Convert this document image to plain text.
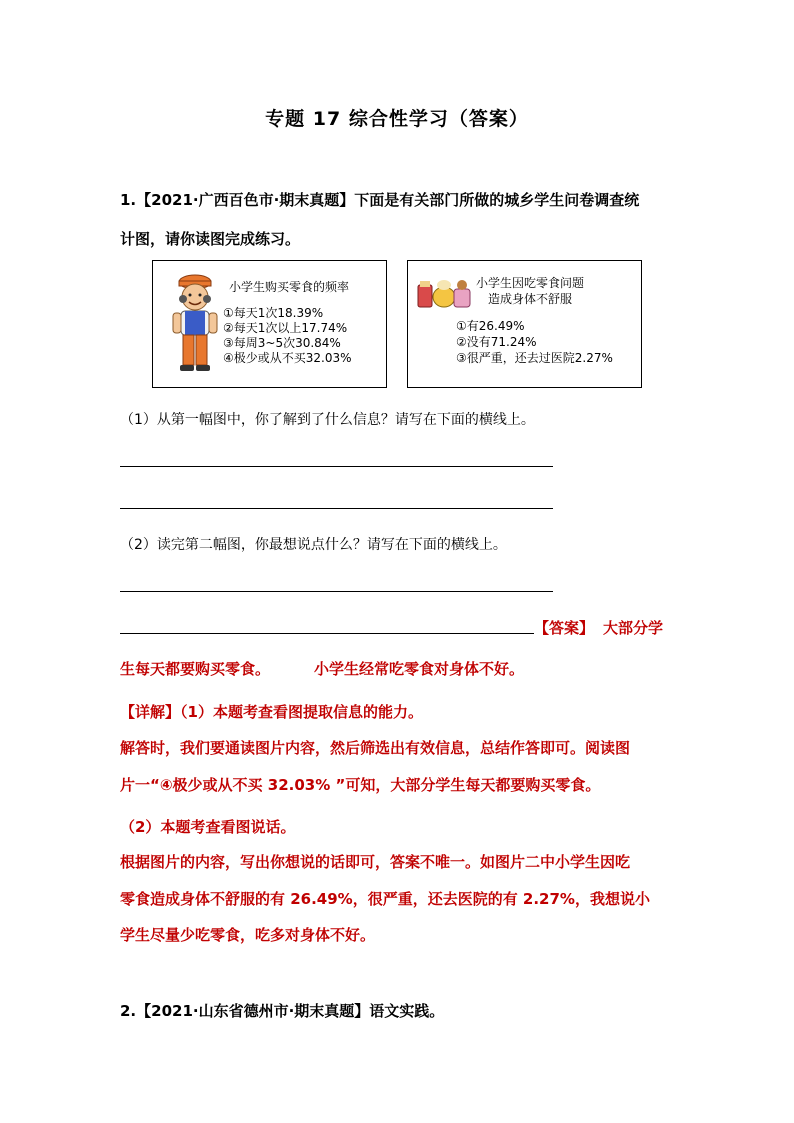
专题 17 综合性学习（答案）
1.【2021·广西百色市·期末真题】下面是有关部门所做的城乡学生问卷调查统
计图，请你读图完成练习。
小学生购买零食的频率
①每天1次18.39%
②每天1次以上17.74%
③每周3~5次30.84%
④极少或从不买32.03%
小学生因吃零食问题
造成身体不舒服
①有26.49%
②没有71.24%
③很严重，还去过医院2.27%
（1）从第一幅图中，你了解到了什么信息？请写在下面的横线上。
（2）读完第二幅图，你最想说点什么？请写在下面的横线上。
【答案】 大部分学
生每天都要购买零食。	小学生经常吃零食对身体不好。
【详解】（1）本题考查看图提取信息的能力。
解答时，我们要通读图片内容，然后筛选出有效信息，总结作答即可。阅读图
片一“④极少或从不买 32.03% ”可知，大部分学生每天都要购买零食。
（2）本题考查看图说话。
根据图片的内容，写出你想说的话即可，答案不唯一。如图片二中小学生因吃
零食造成身体不舒服的有 26.49%，很严重，还去医院的有 2.27%，我想说小
学生尽量少吃零食，吃多对身体不好。
2.【2021·山东省德州市·期末真题】语文实践。
